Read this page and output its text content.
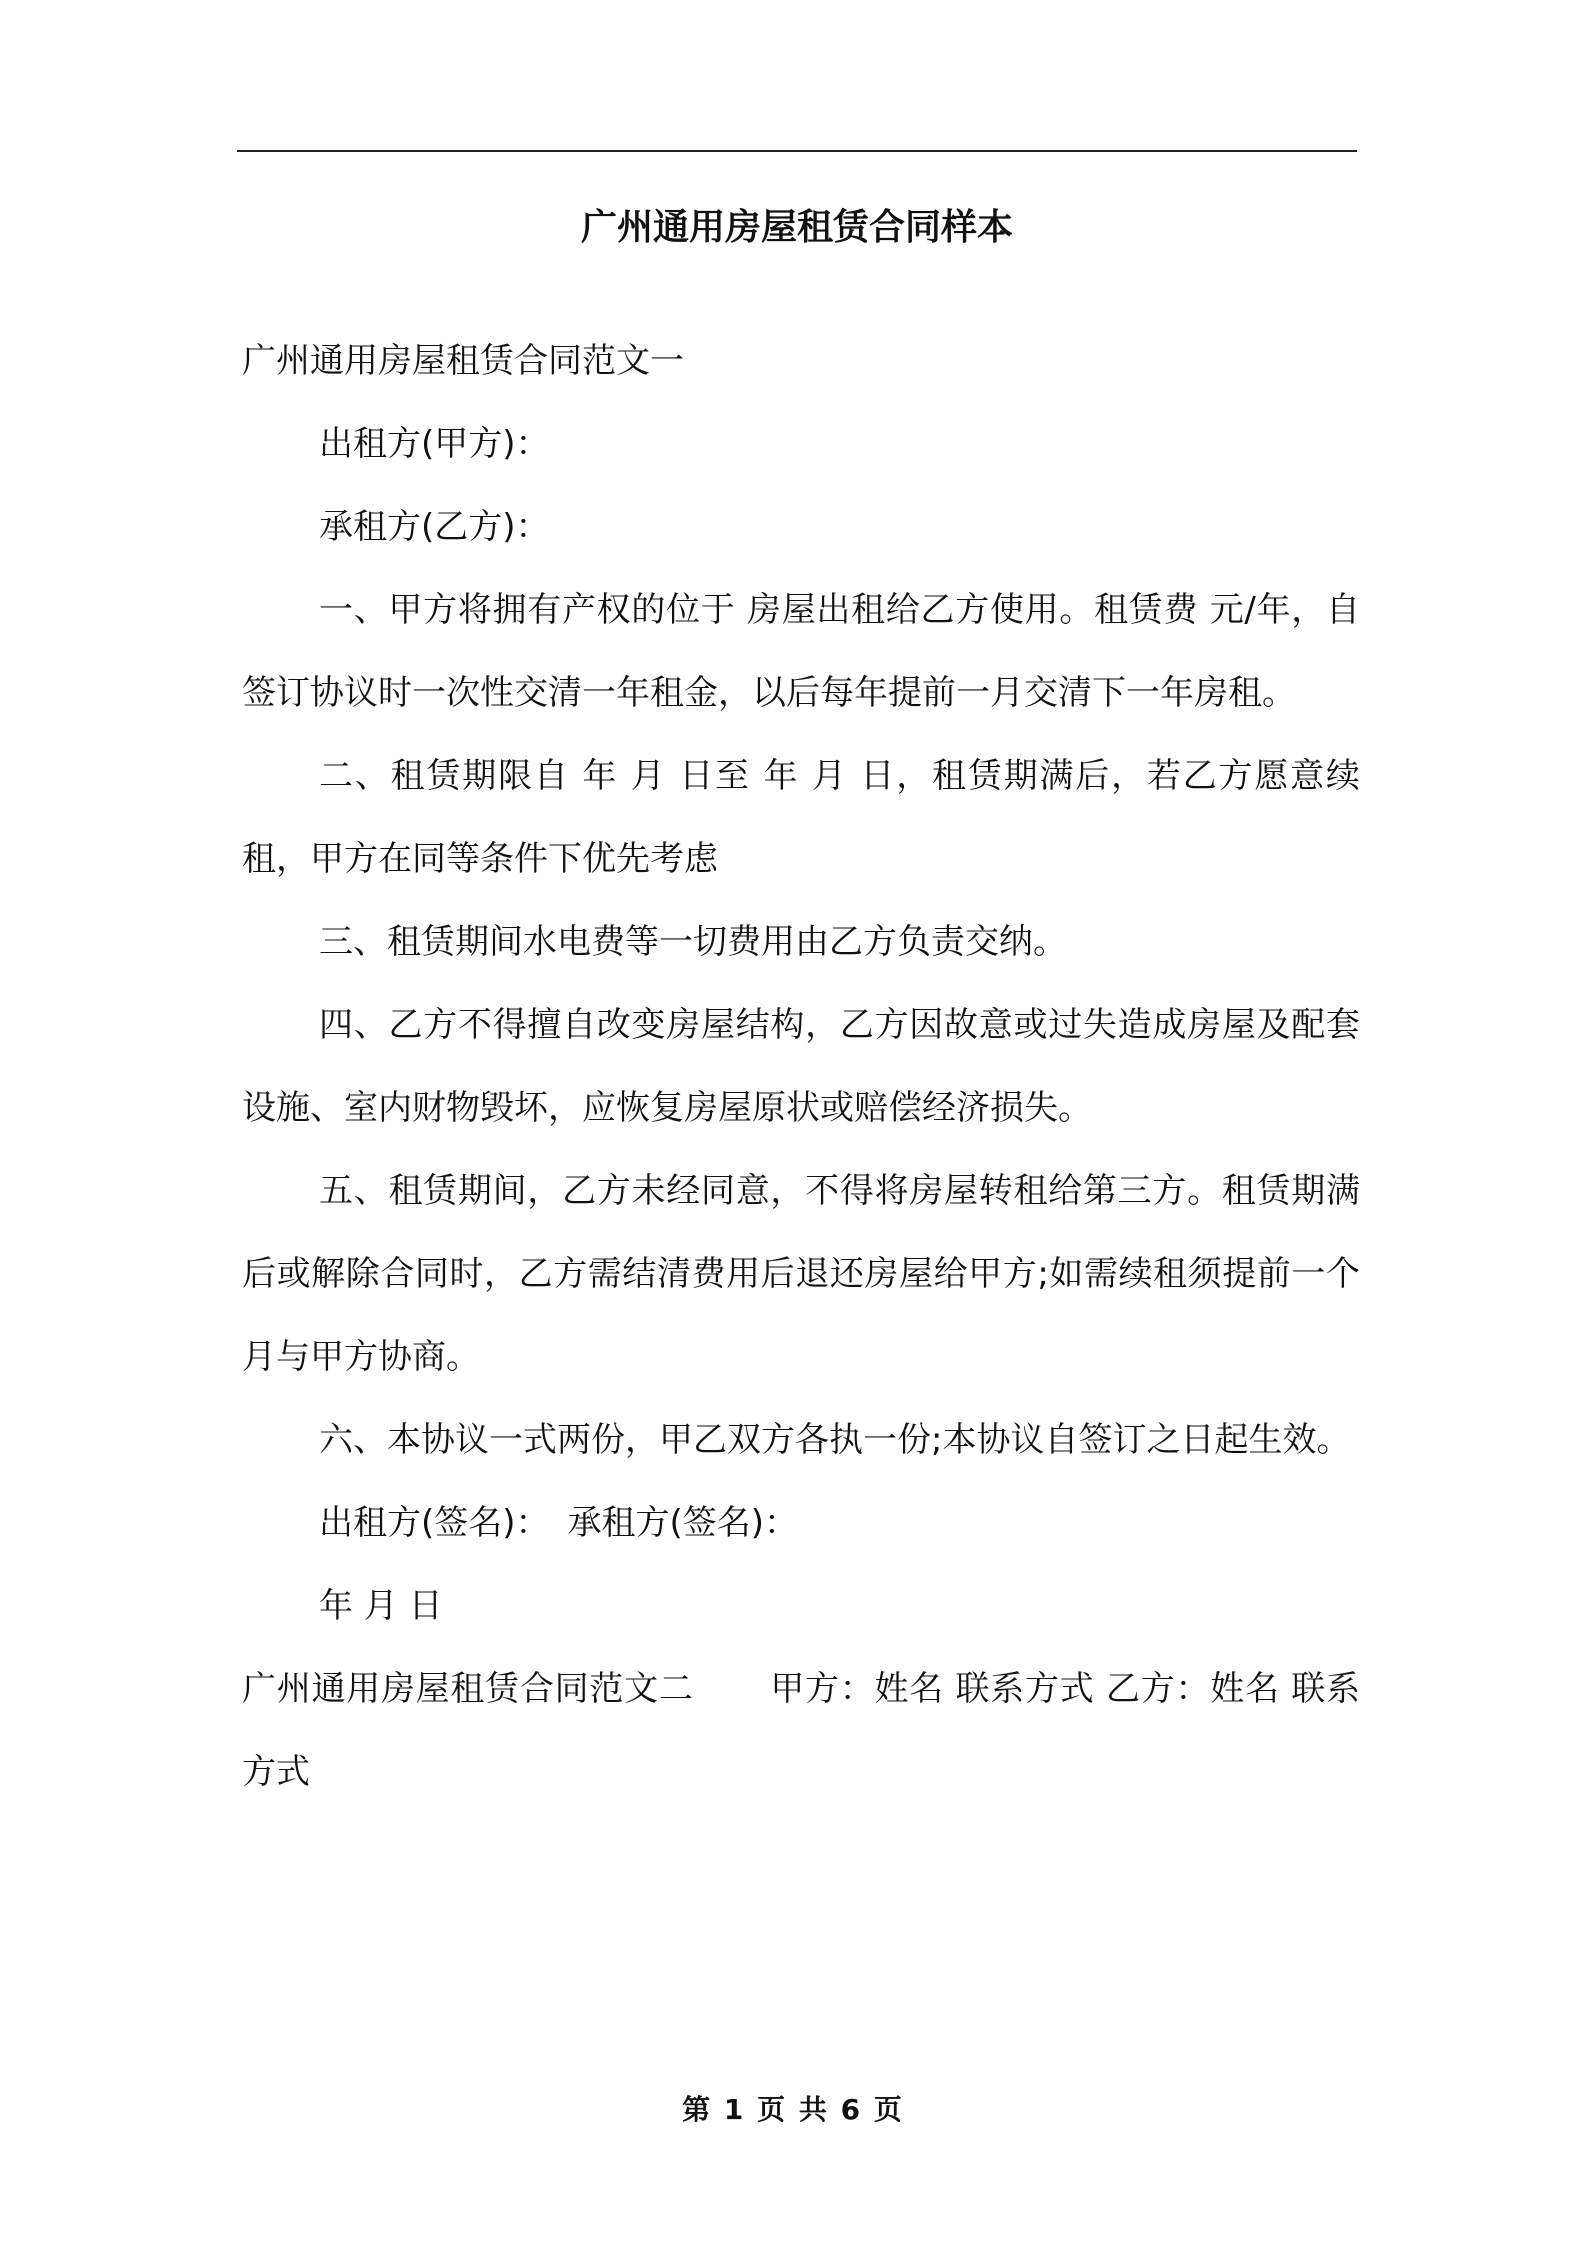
广州通用房屋租赁合同样本

广州通用房屋租赁合同范文一

出租方(甲方)：

承租方(乙方)：

一、甲方将拥有产权的位于 房屋出租给乙方使用。租赁费 元/年，自签订协议时一次性交清一年租金，以后每年提前一月交清下一年房租。

二、租赁期限自 年 月 日至 年 月 日，租赁期满后，若乙方愿意续租，甲方在同等条件下优先考虑

三、租赁期间水电费等一切费用由乙方负责交纳。

四、乙方不得擅自改变房屋结构，乙方因故意或过失造成房屋及配套设施、室内财物毁坏，应恢复房屋原状或赔偿经济损失。

五、租赁期间，乙方未经同意，不得将房屋转租给第三方。租赁期满后或解除合同时，乙方需结清费用后退还房屋给甲方;如需续租须提前一个月与甲方协商。

六、本协议一式两份，甲乙双方各执一份;本协议自签订之日起生效。

出租方(签名)： 承租方(签名)：

年 月 日

广州通用房屋租赁合同范文二 甲方：姓名 联系方式 乙方：姓名 联系方式

第 1 页 共 6 页
